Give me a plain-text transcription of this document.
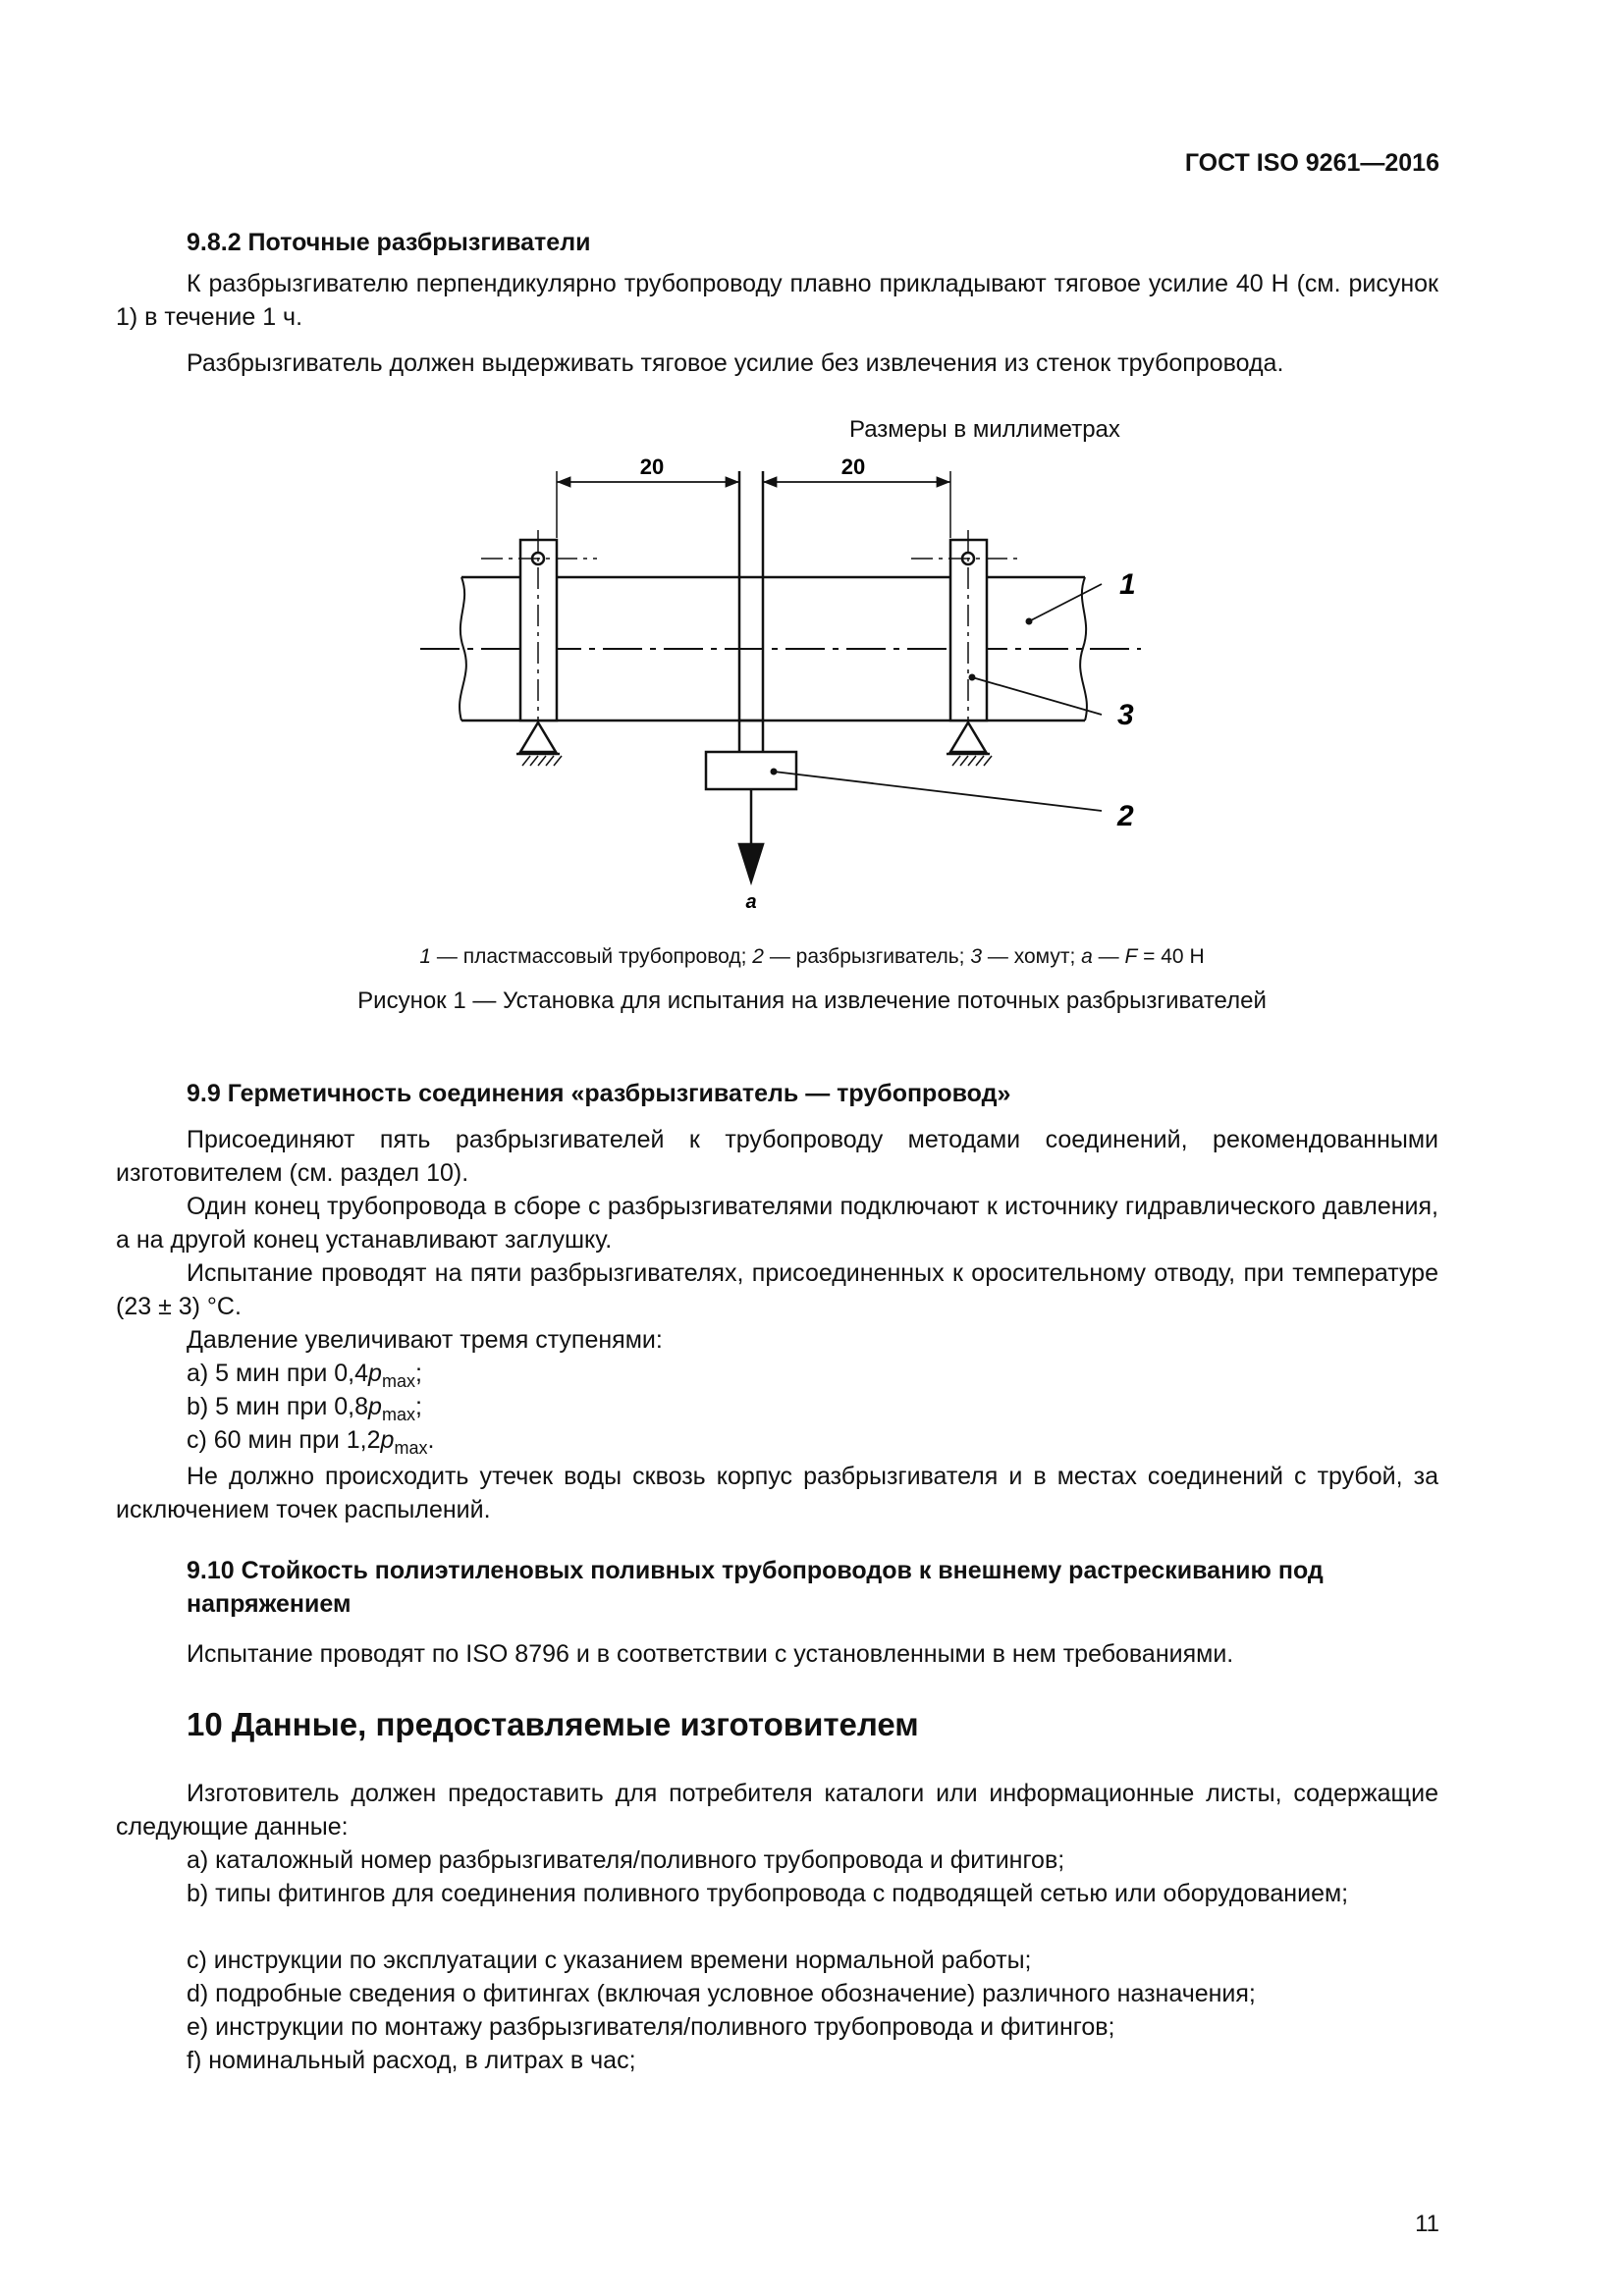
ГОСТ ISO 9261—2016
9.8.2 Поточные разбрызгиватели

К разбрызгивателю перпендикулярно трубопроводу плавно прикладывают тяговое усилие 40 Н (см. рисунок 1) в течение 1 ч.

Разбрызгиватель должен выдерживать тяговое усилие без извлечения из стенок трубопровода.

Размеры в миллиметрах
20	20
1
3
2
a
1 — пластмассовый трубопровод; 2 — разбрызгиватель; 3 — хомут; a — F = 40 Н
Рисунок 1 — Установка для испытания на извлечение поточных разбрызгивателей
9.9 Герметичность соединения «разбрызгиватель — трубопровод»

Присоединяют пять разбрызгивателей к трубопроводу методами соединений, рекомендованными изготовителем (см. раздел 10).

Один конец трубопровода в сборе с разбрызгивателями подключают к источнику гидравлического давления, а на другой конец устанавливают заглушку.

Испытание проводят на пяти разбрызгивателях, присоединенных к оросительному отводу, при температуре (23 ± 3) °С.

Давление увеличивают тремя ступенями:
a) 5 мин при $0,4p_{max}$;
b) 5 мин при $0,8p_{max}$;
c) 60 мин при $1,2p_{max}$.

Не должно происходить утечек воды сквозь корпус разбрызгивателя и в местах соединений с трубой, за исключением точек распылений.

9.10 Стойкость полиэтиленовых поливных трубопроводов к внешнему растрескиванию под напряжением

Испытание проводят по ISO 8796 и в соответствии с установленными в нем требованиями.

10 Данные, предоставляемые изготовителем

Изготовитель должен предоставить для потребителя каталоги или информационные листы, содержащие следующие данные:

a) каталожный номер разбрызгивателя/поливного трубопровода и фитингов;

b) типы фитингов для соединения поливного трубопровода с подводящей сетью или оборудованием;

c) инструкции по эксплуатации с указанием времени нормальной работы;

d) подробные сведения о фитингах (включая условное обозначение) различного назначения;

e) инструкции по монтажу разбрызгивателя/поливного трубопровода и фитингов;

f) номинальный расход, в литрах в час;

11
